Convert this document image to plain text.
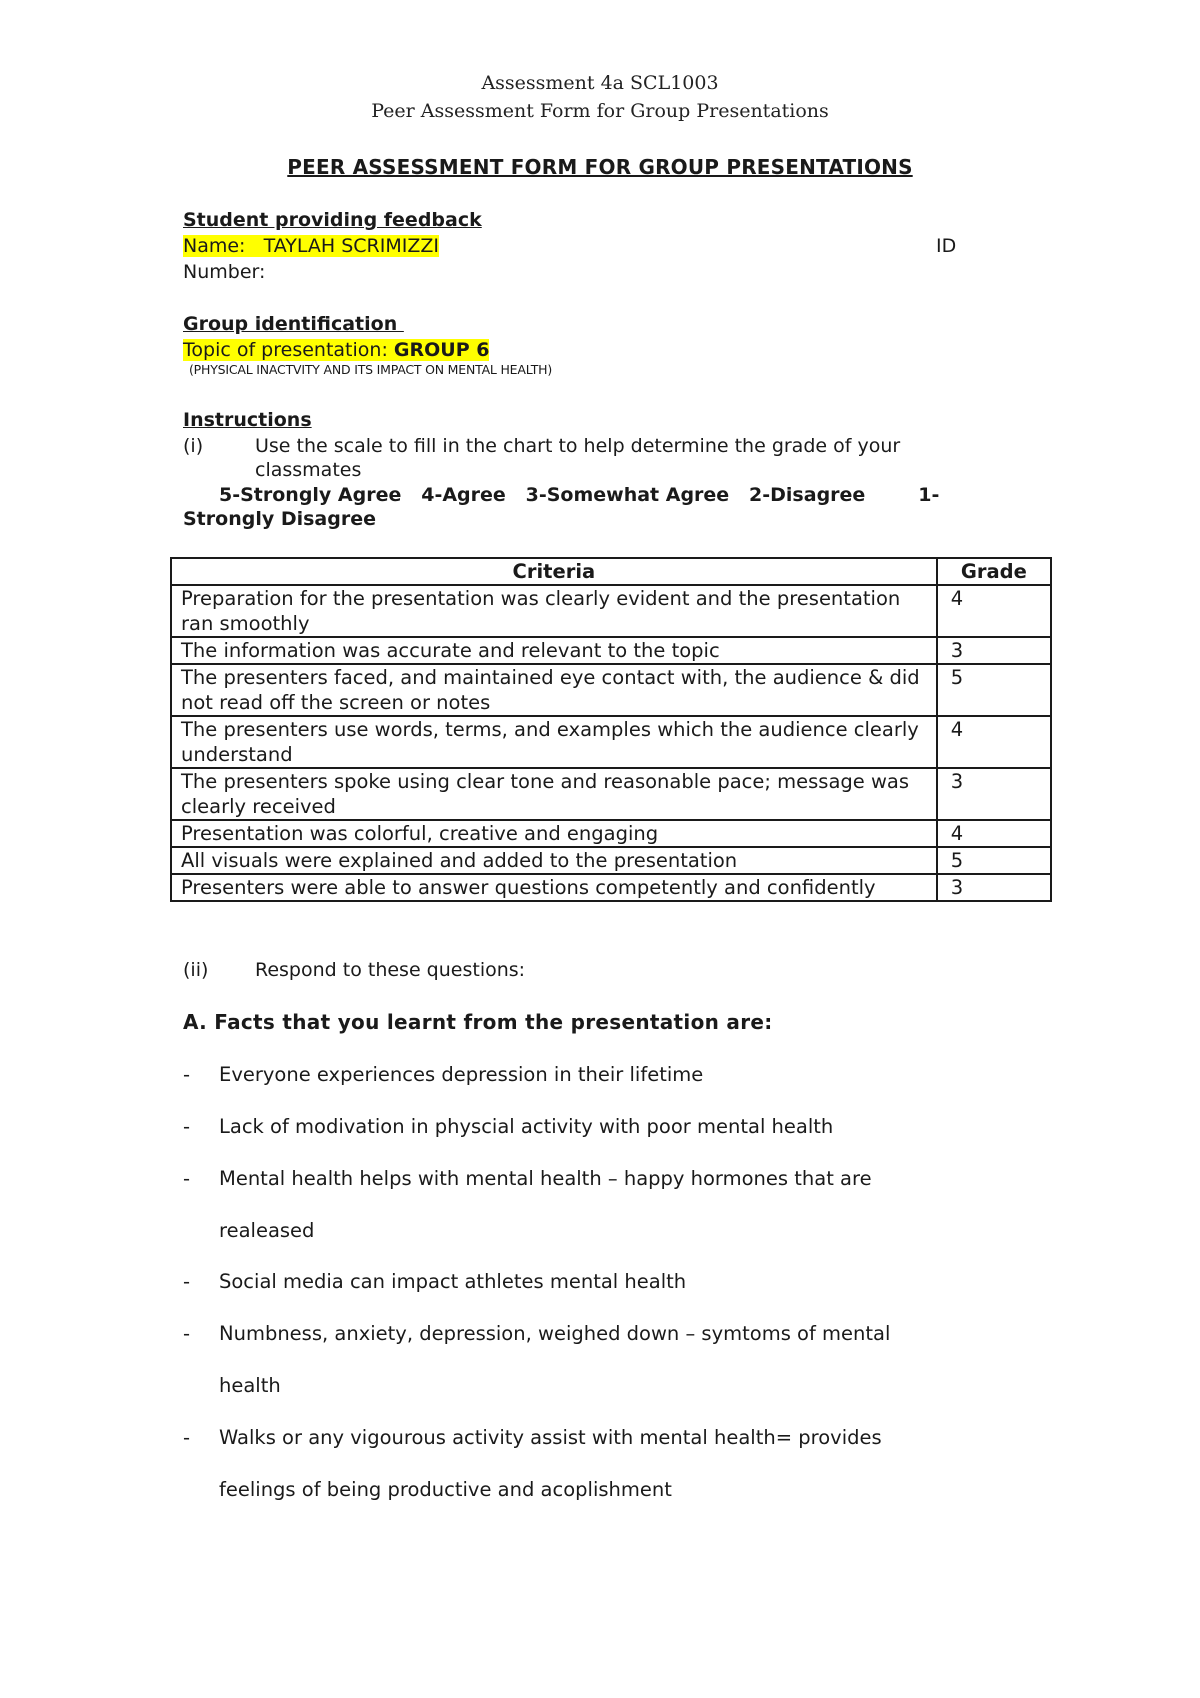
Assessment 4a SCL1003
Peer Assessment Form for Group Presentations
PEER ASSESSMENT FORM FOR GROUP PRESENTATIONS
Student providing feedback
Name: TAYLAH SCRIMIZZI	ID
Number:
Group identification
Topic of presentation: GROUP 6
(PHYSICAL INACTVITY AND ITS IMPACT ON MENTAL HEALTH)
Instructions
(i)	Use the scale to fill in the chart to help determine the grade of your
classmates
5-Strongly Agree   4-Agree   3-Somewhat Agree   2-Disagree        1-
Strongly Disagree
Criteria	Grade
Preparation for the presentation was clearly evident and the presentation ran smoothly	4
The information was accurate and relevant to the topic	3
The presenters faced, and maintained eye contact with, the audience & did not read off the screen or notes	5
The presenters use words, terms, and examples which the audience clearly understand	4
The presenters spoke using clear tone and reasonable pace; message was clearly received	3
Presentation was colorful, creative and engaging	4
All visuals were explained and added to the presentation	5
Presenters were able to answer questions competently and confidently	3
(ii) Respond to these questions:
A. Facts that you learnt from the presentation are:
- Everyone experiences depression in their lifetime
- Lack of modivation in physcial activity with poor mental health
- Mental health helps with mental health – happy hormones that are
realeased
- Social media can impact athletes mental health
- Numbness, anxiety, depression, weighed down – symtoms of mental
health
- Walks or any vigourous activity assist with mental health= provides
feelings of being productive and acoplishment
